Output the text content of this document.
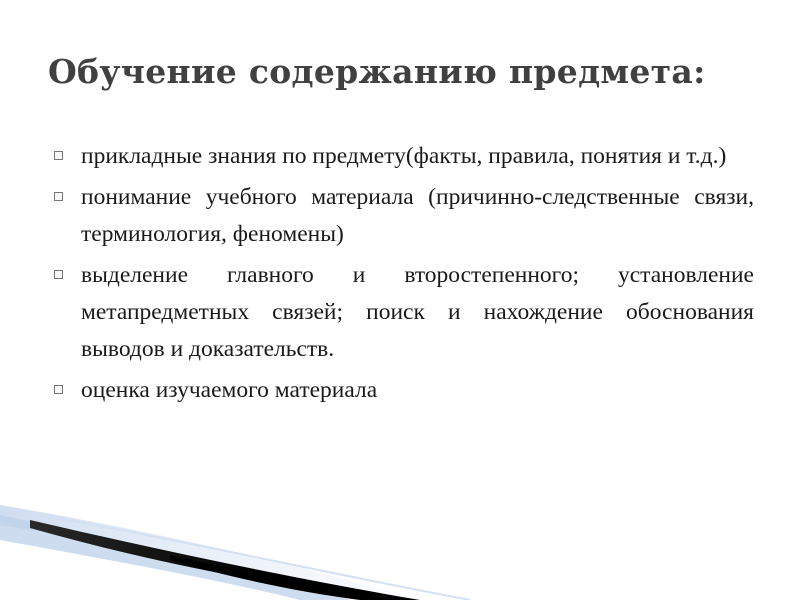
Обучение содержанию предмета:
прикладные знания по предмету(факты, правила, понятия и т.д.)
понимание учебного материала (причинно-следственные связи, терминология, феномены)
выделение главного и второстепенного; установление метапредметных связей; поиск и нахождение обоснования выводов и доказательств.
оценка изучаемого материала
